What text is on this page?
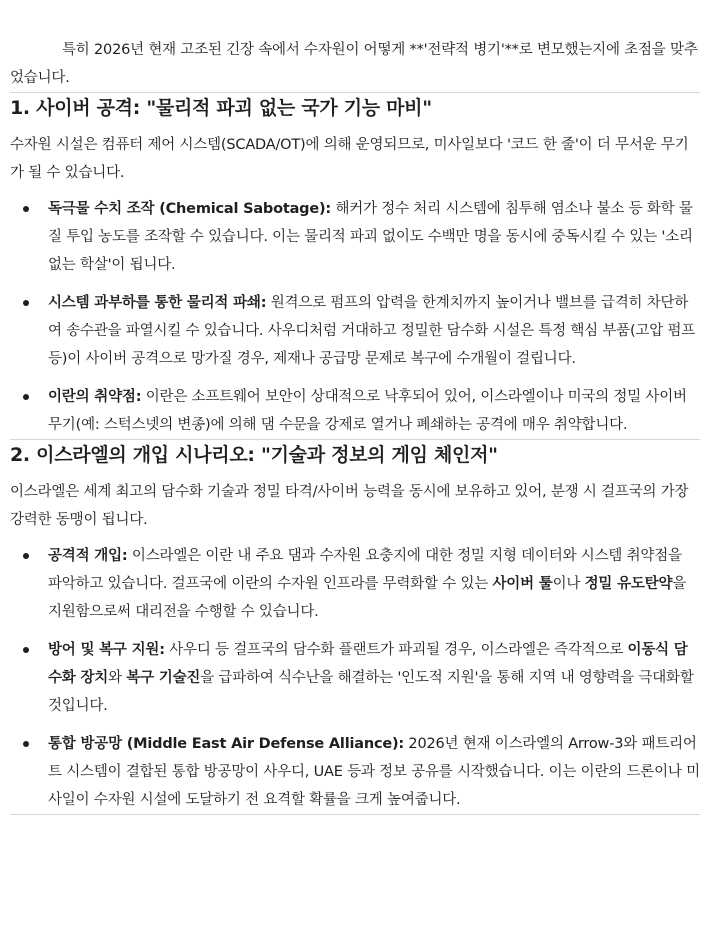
특히 2026년 현재 고조된 긴장 속에서 수자원이 어떻게 **'전략적 병기'**로 변모했는지에 초점을 맞추었습니다.

1. 사이버 공격: "물리적 파괴 없는 국가 기능 마비"

수자원 시설은 컴퓨터 제어 시스템(SCADA/OT)에 의해 운영되므로, 미사일보다 '코드 한 줄'이 더 무서운 무기가 될 수 있습니다.

독극물 수치 조작 (Chemical Sabotage): 해커가 정수 처리 시스템에 침투해 염소나 불소 등 화학 물질 투입 농도를 조작할 수 있습니다. 이는 물리적 파괴 없이도 수백만 명을 동시에 중독시킬 수 있는 '소리 없는 학살'이 됩니다.
시스템 과부하를 통한 물리적 파쇄: 원격으로 펌프의 압력을 한계치까지 높이거나 밸브를 급격히 차단하여 송수관을 파열시킬 수 있습니다. 사우디처럼 거대하고 정밀한 담수화 시설은 특정 핵심 부품(고압 펌프 등)이 사이버 공격으로 망가질 경우, 제재나 공급망 문제로 복구에 수개월이 걸립니다.
이란의 취약점: 이란은 소프트웨어 보안이 상대적으로 낙후되어 있어, 이스라엘이나 미국의 정밀 사이버 무기(예: 스턱스넷의 변종)에 의해 댐 수문을 강제로 열거나 폐쇄하는 공격에 매우 취약합니다.
2. 이스라엘의 개입 시나리오: "기술과 정보의 게임 체인저"

이스라엘은 세계 최고의 담수화 기술과 정밀 타격/사이버 능력을 동시에 보유하고 있어, 분쟁 시 걸프국의 가장 강력한 동맹이 됩니다.

공격적 개입: 이스라엘은 이란 내 주요 댐과 수자원 요충지에 대한 정밀 지형 데이터와 시스템 취약점을 파악하고 있습니다. 걸프국에 이란의 수자원 인프라를 무력화할 수 있는 사이버 툴이나 정밀 유도탄약을 지원함으로써 대리전을 수행할 수 있습니다.
방어 및 복구 지원: 사우디 등 걸프국의 담수화 플랜트가 파괴될 경우, 이스라엘은 즉각적으로 이동식 담수화 장치와 복구 기술진을 급파하여 식수난을 해결하는 '인도적 지원'을 통해 지역 내 영향력을 극대화할 것입니다.
통합 방공망 (Middle East Air Defense Alliance): 2026년 현재 이스라엘의 Arrow-3와 패트리어트 시스템이 결합된 통합 방공망이 사우디, UAE 등과 정보 공유를 시작했습니다. 이는 이란의 드론이나 미사일이 수자원 시설에 도달하기 전 요격할 확률을 크게 높여줍니다.
